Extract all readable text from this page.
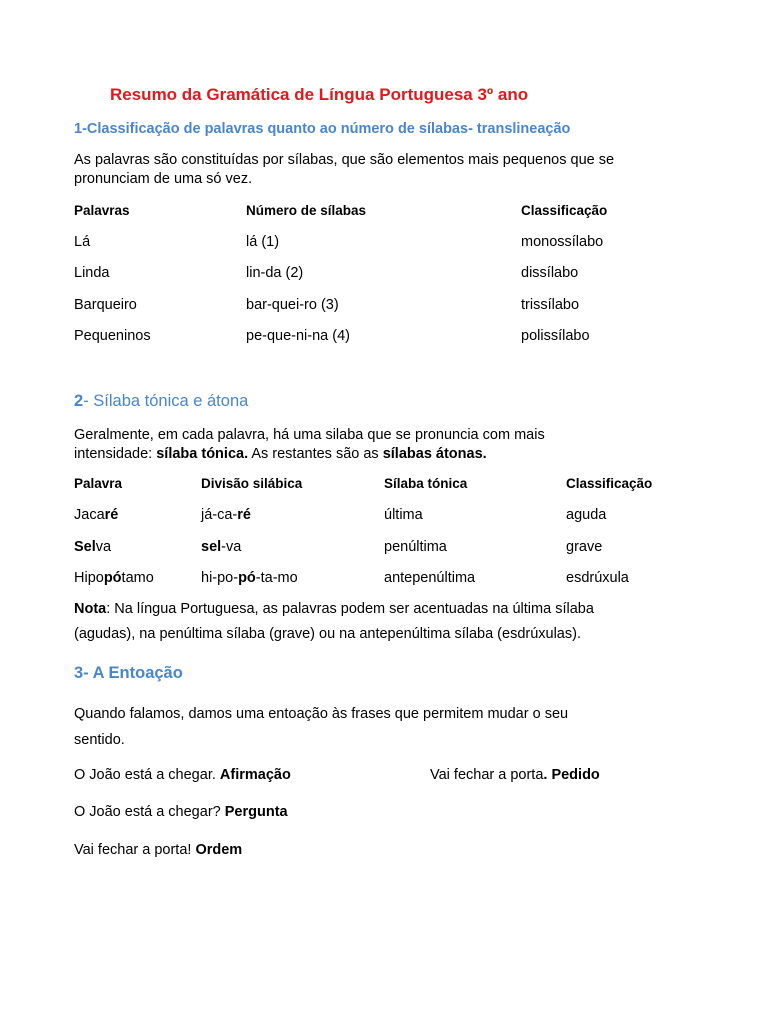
Resumo da Gramática de Língua Portuguesa 3º ano
1-Classificação de palavras quanto ao número de sílabas- translineação
As palavras são constituídas por sílabas, que são elementos mais pequenos que se
pronunciam de uma só vez.
Palavras	Número de sílabas	Classificação
Lá	lá (1)	monossílabo
Linda	lin-da (2)	dissílabo
Barqueiro	bar-quei-ro (3)	trissílabo
Pequeninos	pe-que-ni-na (4)	polissílabo
2- Sílaba tónica e átona
Geralmente, em cada palavra, há uma silaba que se pronuncia com mais
intensidade: sílaba tónica. As restantes são as sílabas átonas.
Palavra	Divisão silábica	Sílaba tónica	Classificação
Jacaré	já-ca-ré	última	aguda
Selva	sel-va	penúltima	grave
Hipopótamo	hi-po-pó-ta-mo	antepenúltima	esdrúxula
Nota: Na língua Portuguesa, as palavras podem ser acentuadas na última sílaba
(agudas), na penúltima sílaba (grave) ou na antepenúltima sílaba (esdrúxulas).
3- A Entoação
Quando falamos, damos uma entoação às frases que permitem mudar o seu
sentido.
O João está a chegar. Afirmação	Vai fechar a porta. Pedido
O João está a chegar? Pergunta
Vai fechar a porta! Ordem
